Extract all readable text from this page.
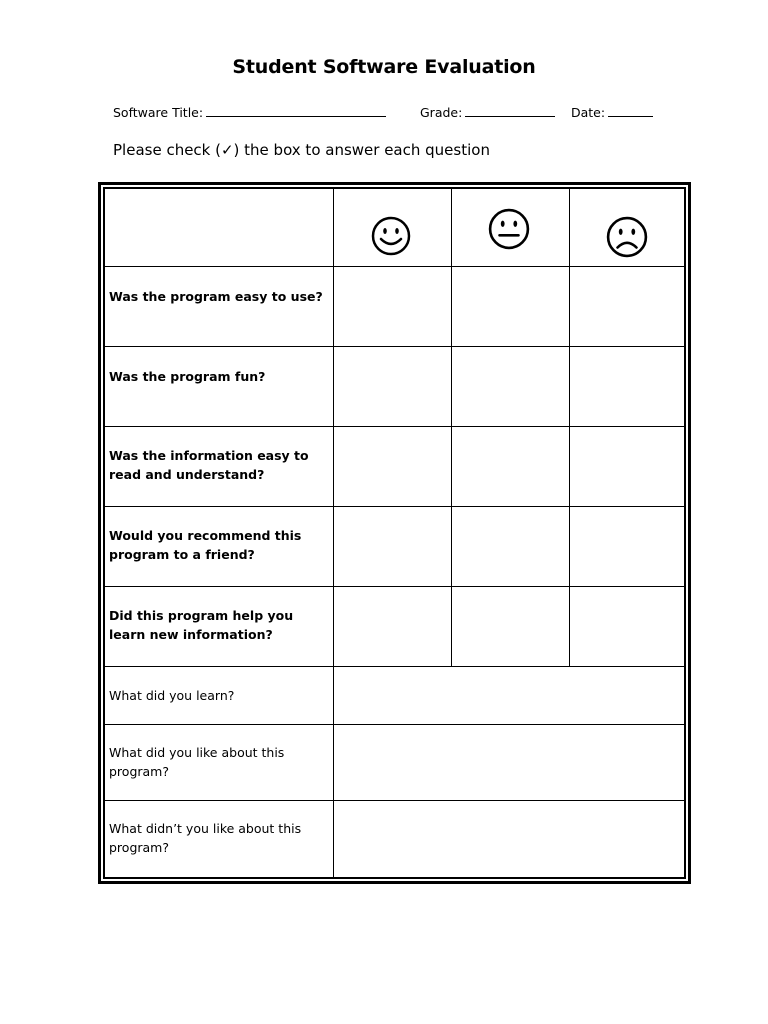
Student Software Evaluation
Software Title:	Grade:	Date:
Please check (✓) the box to answer each question
Was the program easy to use?
Was the program fun?
Was the information easy to read and understand?
Would you recommend this program to a friend?
Did this program help you learn new information?
What did you learn?
What did you like about this program?
What didn’t you like about this program?
